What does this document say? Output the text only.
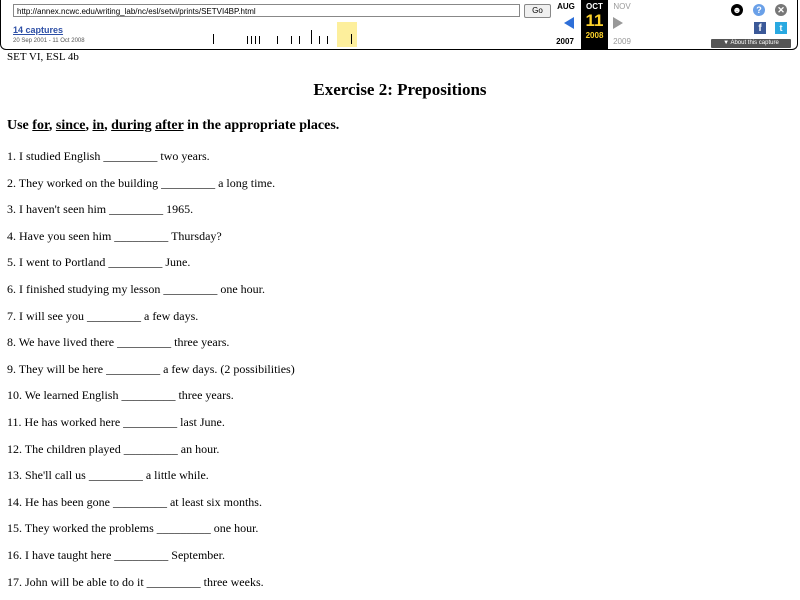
http://annex.ncwc.edu/writing_lab/nc/esl/setvi/prints/SETVI4BP.html	Go
14 captures
20 Sep 2001 - 11 Oct 2008
AUG	OCT
11
2008
NOV
2007	2009
☻	?	✕
f	t
▼ About this capture
SET VI, ESL 4b
Exercise 2: Prepositions
Use for, since, in, during after in the appropriate places.
1. I studied English _________ two years.
2. They worked on the building _________ a long time.
3. I haven't seen him _________ 1965.
4. Have you seen him _________ Thursday?
5. I went to Portland _________ June.
6. I finished studying my lesson _________ one hour.
7. I will see you _________ a few days.
8. We have lived there _________ three years.
9. They will be here _________ a few days. (2 possibilities)
10. We learned English _________ three years.
11. He has worked here _________ last June.
12. The children played _________ an hour.
13. She'll call us _________ a little while.
14. He has been gone _________ at least six months.
15. They worked the problems _________ one hour.
16. I have taught here _________ September.
17. John will be able to do it _________ three weeks.
